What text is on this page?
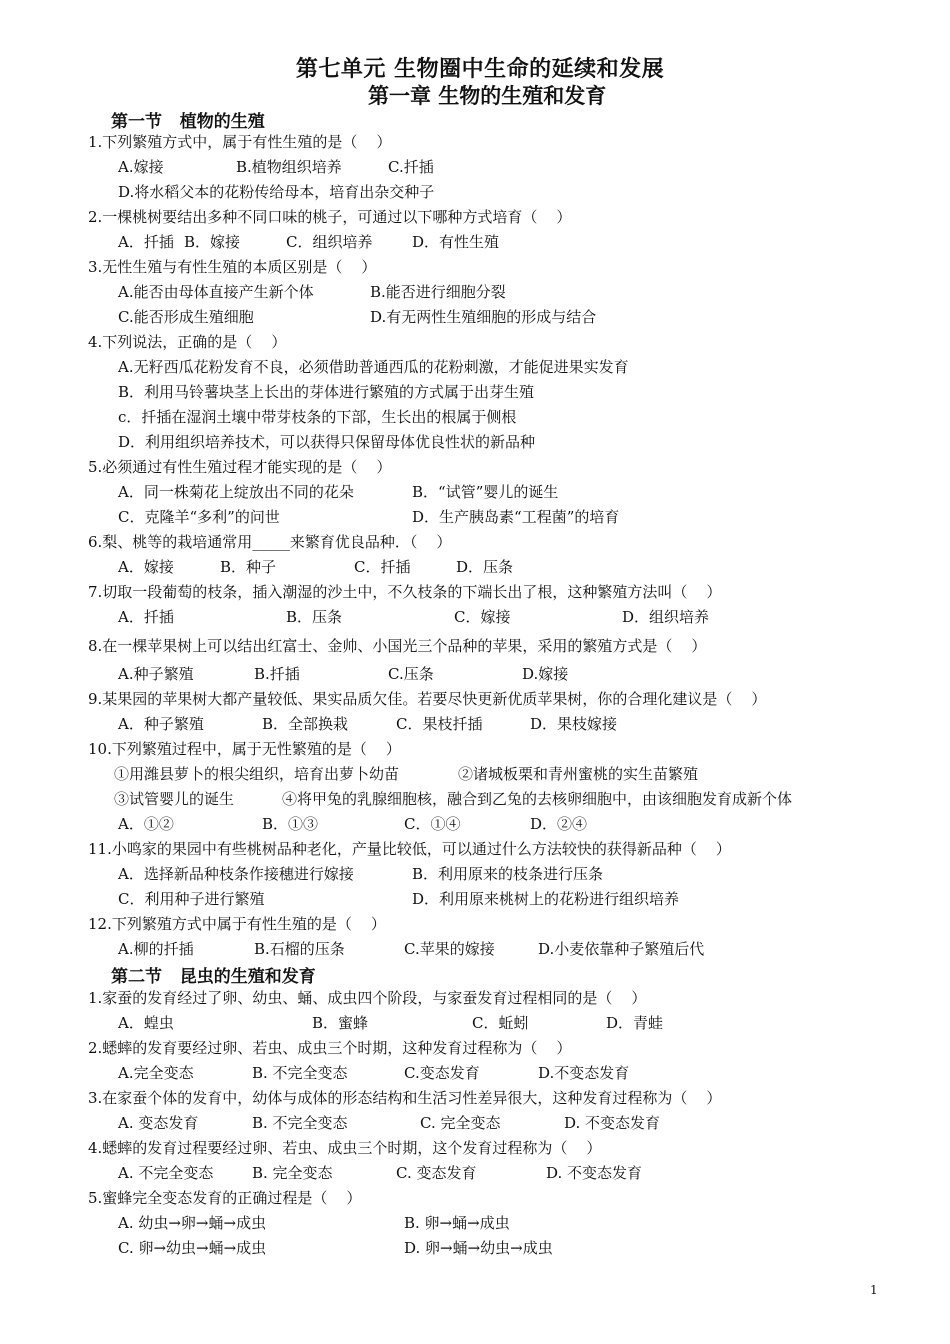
第七单元 生物圈中生命的延续和发展
第一章 生物的生殖和发育
第一节   植物的生殖
1.下列繁殖方式中，属于有性生殖的是（    ）
A.嫁接	B.植物组织培养	C.扦插
D.将水稻父本的花粉传给母本，培育出杂交种子
2.一棵桃树要结出多种不同口味的桃子，可通过以下哪种方式培育（    ）
A．扦插 B．嫁接	C．组织培养	D．有性生殖
3.无性生殖与有性生殖的本质区别是（    ）
A.能否由母体直接产生新个体	B.能否进行细胞分裂
C.能否形成生殖细胞	D.有无两性生殖细胞的形成与结合
4.下列说法，正确的是（    ）
A.无籽西瓜花粉发育不良，必须借助普通西瓜的花粉刺激，才能促进果实发育
B．利用马铃薯块茎上长出的芽体进行繁殖的方式属于出芽生殖
c．扦插在湿润土壤中带芽枝条的下部，生长出的根属于侧根
D．利用组织培养技术，可以获得只保留母体优良性状的新品种
5.必须通过有性生殖过程才能实现的是（    ）
A．同一株菊花上绽放出不同的花朵	B．“试管”婴儿的诞生
C．克隆羊“多利”的问世	D．生产胰岛素“工程菌”的培育
6.梨、桃等的栽培通常用_____来繁育优良品种．（    ）
A．嫁接	B．种子	C．扦插	D．压条
7.切取一段葡萄的枝条，插入潮湿的沙土中，不久枝条的下端长出了根，这种繁殖方法叫（    ）
A．扦插	B．压条	C．嫁接	D．组织培养
8.在一棵苹果树上可以结出红富士、金帅、小国光三个品种的苹果，采用的繁殖方式是（    ）
A.种子繁殖	B.扦插	C.压条	D.嫁接
9.某果园的苹果树大都产量较低、果实品质欠佳。若要尽快更新优质苹果树，你的合理化建议是（    ）
A．种子繁殖	B．全部换栽	C．果枝扦插	D．果枝嫁接
10.下列繁殖过程中，属于无性繁殖的是（    ）
①用潍县萝卜的根尖组织，培育出萝卜幼苗	②诸城板栗和青州蜜桃的实生苗繁殖
③试管婴儿的诞生	④将甲兔的乳腺细胞核，融合到乙兔的去核卵细胞中，由该细胞发育成新个体
A．①②	B．①③	C．①④	D．②④
11.小鸣家的果园中有些桃树品种老化，产量比较低，可以通过什么方法较快的获得新品种（    ）
A．选择新品种枝条作接穗进行嫁接	B．利用原来的枝条进行压条
C．利用种子进行繁殖	D．利用原来桃树上的花粉进行组织培养
12.下列繁殖方式中属于有性生殖的是（    ）
A.柳的扦插	B.石榴的压条	C.苹果的嫁接	D.小麦依靠种子繁殖后代
第二节   昆虫的生殖和发育
1.家蚕的发育经过了卵、幼虫、蛹、成虫四个阶段，与家蚕发育过程相同的是（    ）
A．蝗虫	B．蜜蜂	C．蚯蚓	D．青蛙
2.蟋蟀的发育要经过卵、若虫、成虫三个时期，这种发育过程称为（    ）
A.完全变态	B. 不完全变态	C.变态发育	D.不变态发育
3.在家蚕个体的发育中，幼体与成体的形态结构和生活习性差异很大，这种发育过程称为（    ）
A. 变态发育	B. 不完全变态	C. 完全变态	D. 不变态发育
4.蟋蟀的发育过程要经过卵、若虫、成虫三个时期，这个发育过程称为（    ）
A. 不完全变态	B. 完全变态	C. 变态发育	D. 不变态发育
5.蜜蜂完全变态发育的正确过程是（    ）
A. 幼虫→卵→蛹→成虫	B. 卵→蛹→成虫
C. 卵→幼虫→蛹→成虫	D. 卵→蛹→幼虫→成虫
1
